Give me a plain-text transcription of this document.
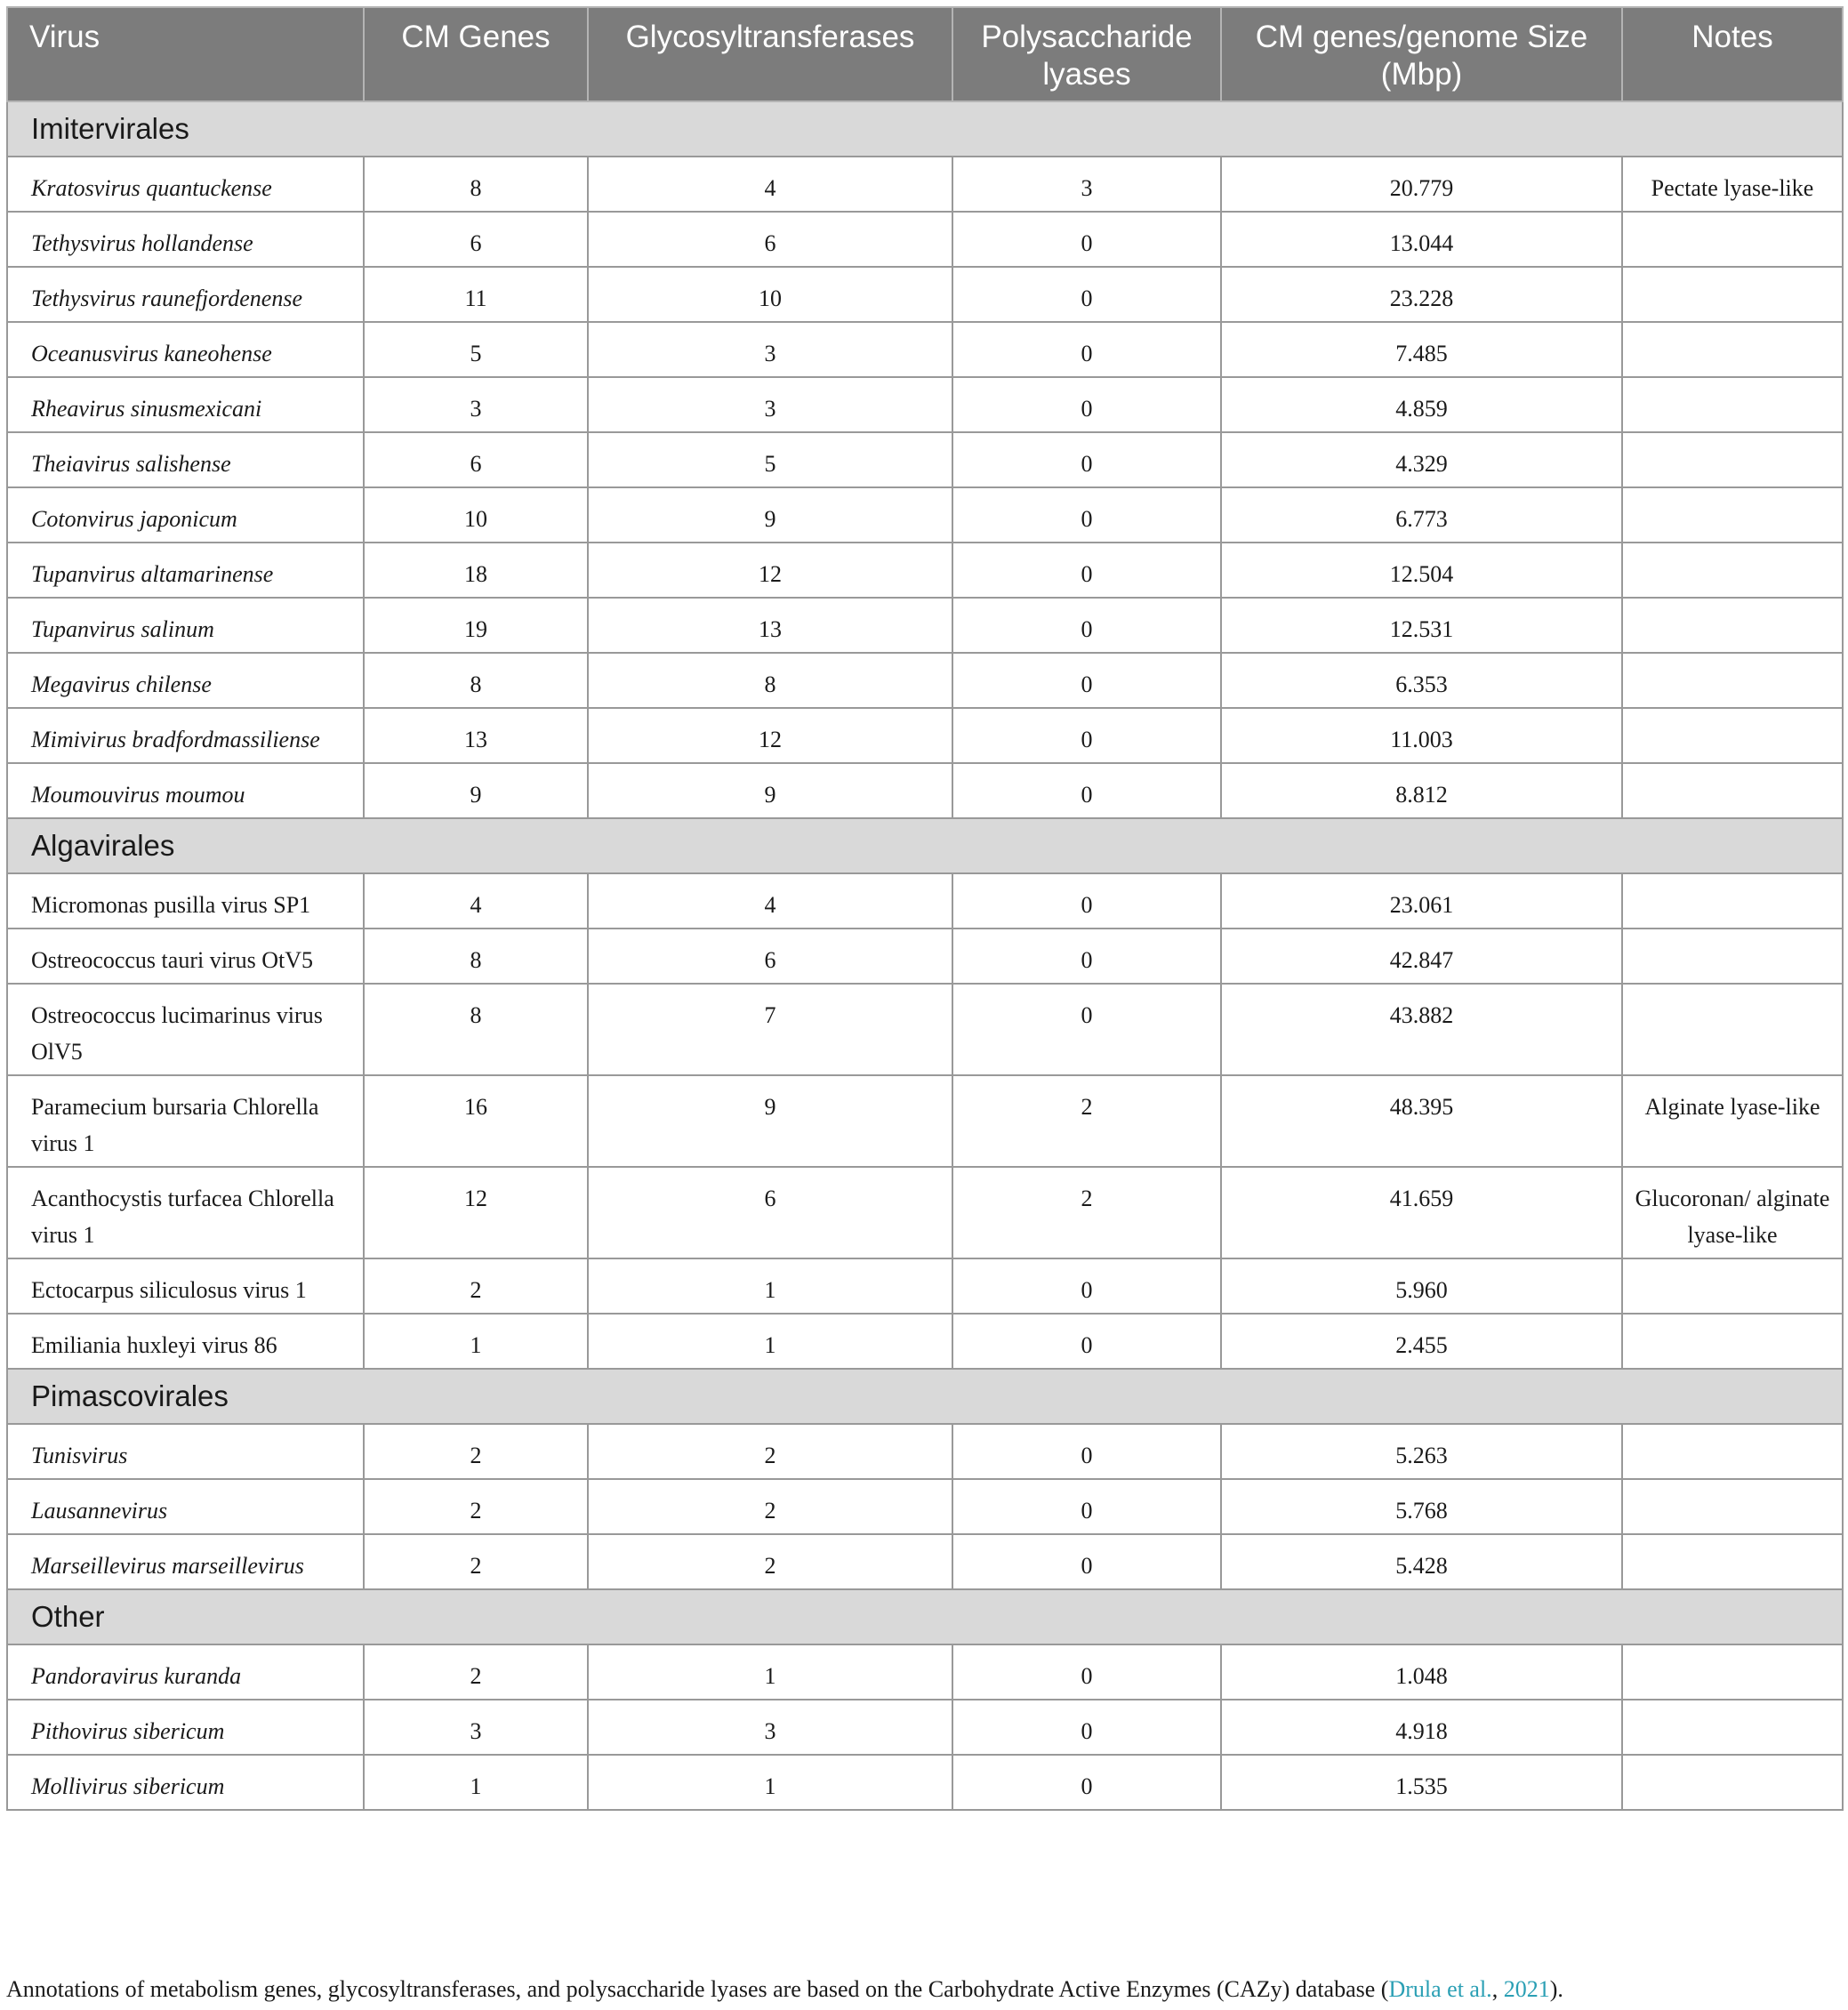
Virus	CM Genes	Glycosyltransferases	Polysaccharide lyases	CM genes/genome Size (Mbp)	Notes
Imitervirales					
Kratosvirus quantuckense	8	4	3	20.779	Pectate lyase-like
Tethysvirus hollandense	6	6	0	13.044	
Tethysvirus raunefjordenense	11	10	0	23.228	
Oceanusvirus kaneohense	5	3	0	7.485	
Rheavirus sinusmexicani	3	3	0	4.859	
Theiavirus salishense	6	5	0	4.329	
Cotonvirus japonicum	10	9	0	6.773	
Tupanvirus altamarinense	18	12	0	12.504	
Tupanvirus salinum	19	13	0	12.531	
Megavirus chilense	8	8	0	6.353	
Mimivirus bradfordmassiliense	13	12	0	11.003	
Moumouvirus moumou	9	9	0	8.812	
Algavirales					
Micromonas pusilla virus SP1	4	4	0	23.061	
Ostreococcus tauri virus OtV5	8	6	0	42.847	
Ostreococcus lucimarinus virus OlV5	8	7	0	43.882	
Paramecium bursaria Chlorella virus 1	16	9	2	48.395	Alginate lyase-like
Acanthocystis turfacea Chlorella virus 1	12	6	2	41.659	Glucoronan/ alginate lyase-like
Ectocarpus siliculosus virus 1	2	1	0	5.960	
Emiliania huxleyi virus 86	1	1	0	2.455	
Pimascovirales					
Tunisvirus	2	2	0	5.263	
Lausannevirus	2	2	0	5.768	
Marseillevirus marseillevirus	2	2	0	5.428	
Other					
Pandoravirus kuranda	2	1	0	1.048	
Pithovirus sibericum	3	3	0	4.918	
Mollivirus sibericum	1	1	0	1.535	
Annotations of metabolism genes, glycosyltransferases, and polysaccharide lyases are based on the Carbohydrate Active Enzymes (CAZy) database (Drula et al., 2021).
